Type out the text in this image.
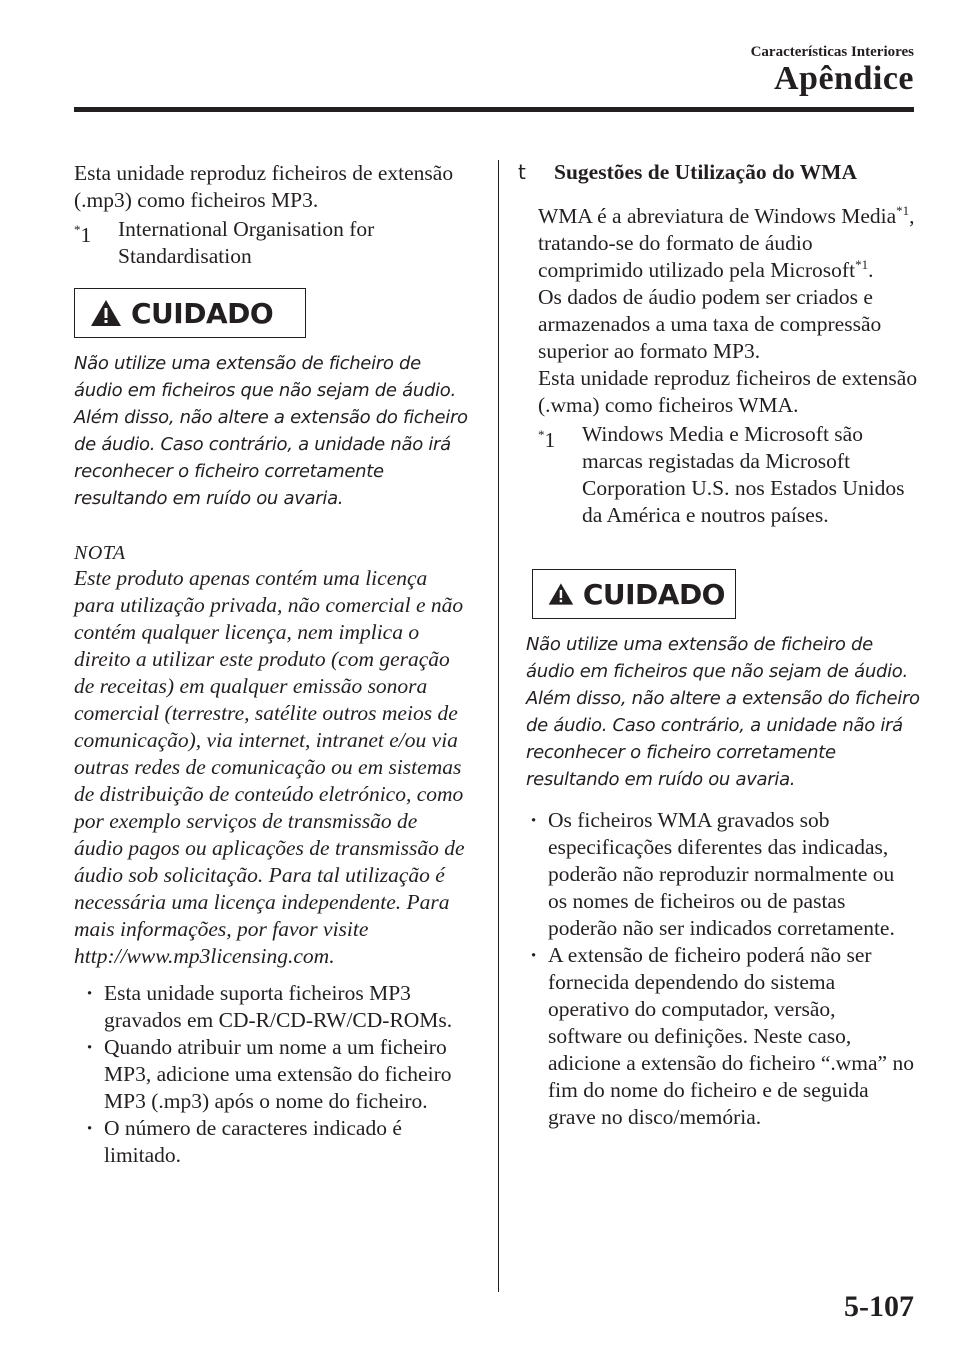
Características Interiores
Apêndice

Esta unidade reproduz ficheiros de extensão (.mp3) como ficheiros MP3.

*1	International Organisation for Standardisation
CUIDADO

Não utilize uma extensão de ficheiro de áudio em ficheiros que não sejam de áudio. Além disso, não altere a extensão do ficheiro de áudio. Caso contrário, a unidade não irá reconhecer o ficheiro corretamente resultando em ruído ou avaria.

NOTA

Este produto apenas contém uma licença para utilização privada, não comercial e não contém qualquer licença, nem implica o direito a utilizar este produto (com geração de receitas) em qualquer emissão sonora comercial (terrestre, satélite outros meios de comunicação), via internet, intranet e/ou via outras redes de comunicação ou em sistemas de distribuição de conteúdo eletrónico, como por exemplo serviços de transmissão de áudio pagos ou aplicações de transmissão de áudio sob solicitação. Para tal utilização é necessária uma licença independente. Para mais informações, por favor visite http://www.mp3licensing.com.

· Esta unidade suporta ficheiros MP3 gravados em CD-R/CD-RW/CD-ROMs.
· Quando atribuir um nome a um ficheiro MP3, adicione uma extensão do ficheiro MP3 (.mp3) após o nome do ficheiro.
· O número de caracteres indicado é limitado.
t	Sugestões de Utilização do WMA

WMA é a abreviatura de Windows Media$^{*1}$, tratando-se do formato de áudio comprimido utilizado pela Microsoft$^{*1}$.

Os dados de áudio podem ser criados e armazenados a uma taxa de compressão superior ao formato MP3.

Esta unidade reproduz ficheiros de extensão (.wma) como ficheiros WMA.

*1	Windows Media e Microsoft são marcas registadas da Microsoft Corporation U.S. nos Estados Unidos da América e noutros países.
CUIDADO

Não utilize uma extensão de ficheiro de áudio em ficheiros que não sejam de áudio. Além disso, não altere a extensão do ficheiro de áudio. Caso contrário, a unidade não irá reconhecer o ficheiro corretamente resultando em ruído ou avaria.

· Os ficheiros WMA gravados sob especificações diferentes das indicadas, poderão não reproduzir normalmente ou os nomes de ficheiros ou de pastas poderão não ser indicados corretamente.
· A extensão de ficheiro poderá não ser fornecida dependendo do sistema operativo do computador, versão, software ou definições. Neste caso, adicione a extensão do ficheiro “.wma” no fim do nome do ficheiro e de seguida grave no disco/memória.
5-107
